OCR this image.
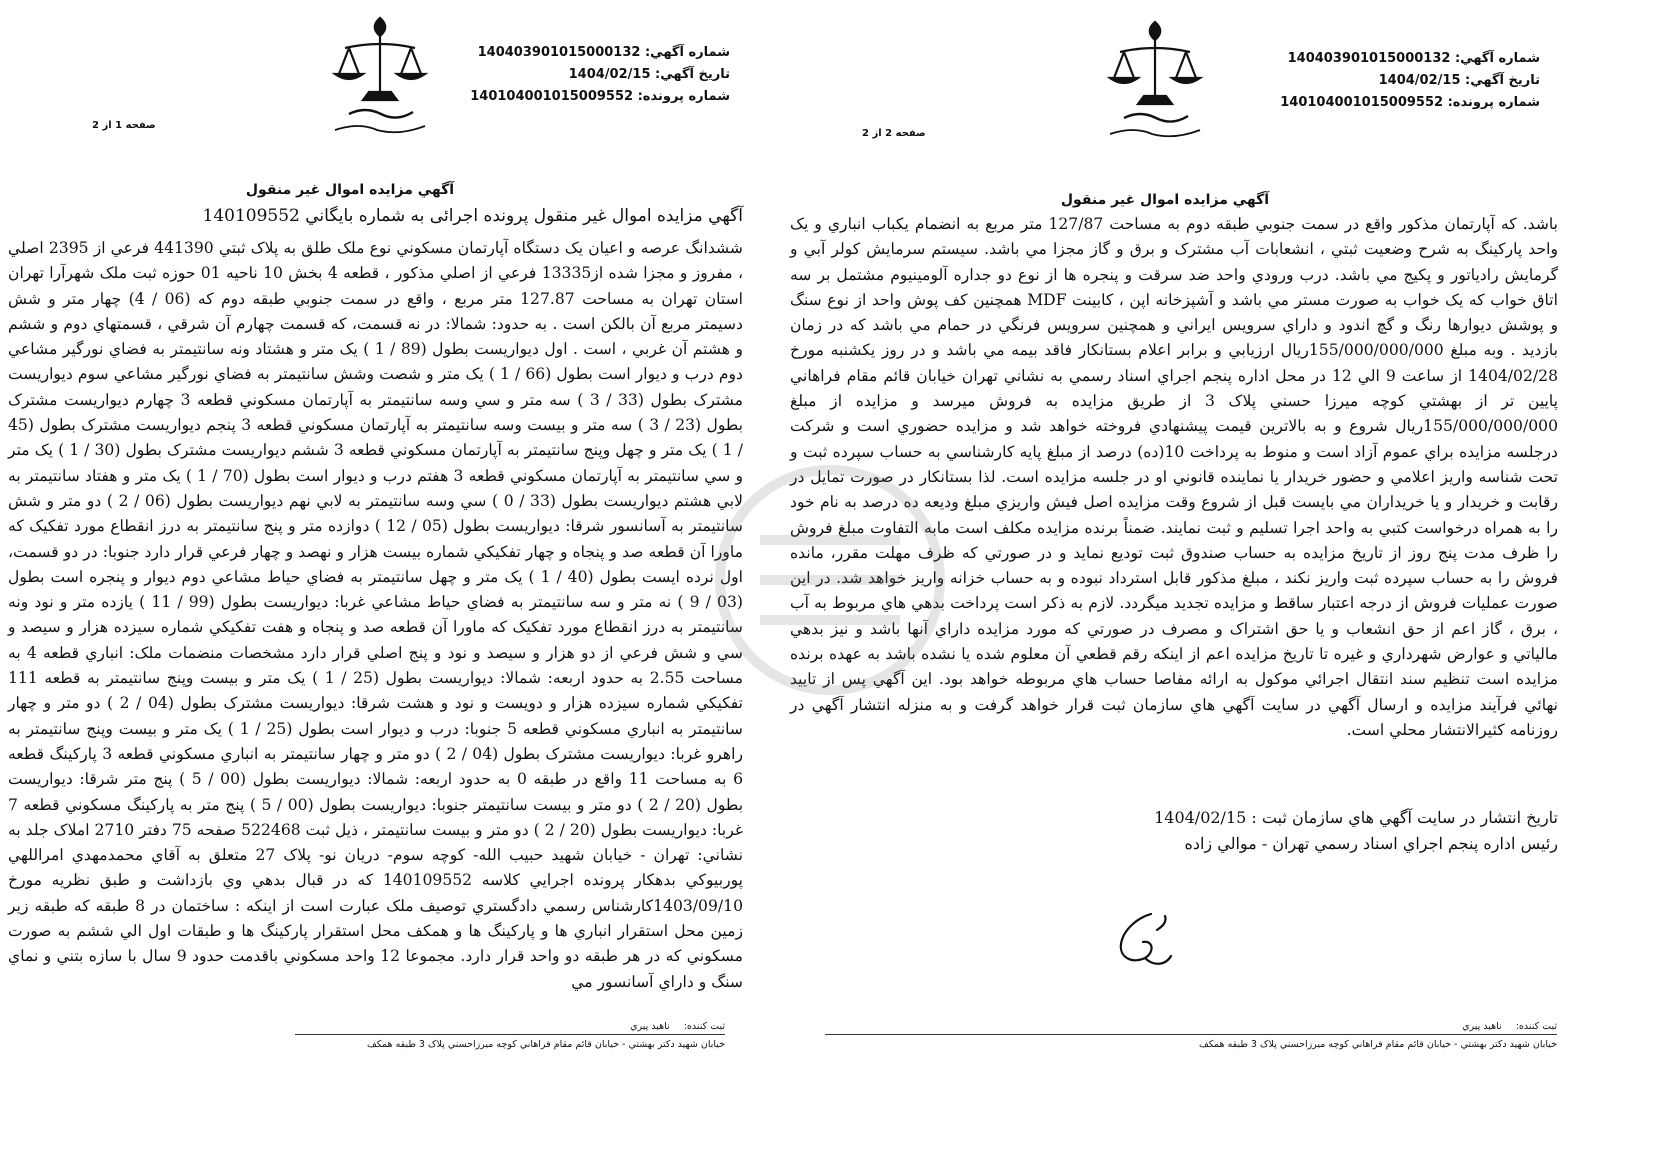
شماره آگهي: 140403901015000132
تاريخ آگهي: 1404/02/15
شماره پرونده: 140104001015009552
صفحه 1 از 2
آگهي مزايده اموال غير منقول
آگهي مزايده اموال غير منقول پرونده اجرائی به شماره بايگاني 140109552

ششدانگ عرصه و اعيان يک دستگاه آپارتمان مسکوني نوع ملک طلق به پلاک ثبتي 441390 فرعي از 2395 اصلي ، مفروز و مجزا شده از13335 فرعي از اصلي مذکور ، قطعه 4 بخش 10 ناحيه 01 حوزه ثبت ملک شهرآرا تهران استان تهران به مساحت 127.87 متر مربع ، واقع در سمت جنوبي طبقه دوم كه (06 / 4) چهار متر و شش دسيمتر مربع آن بالكن است . به حدود: شمالا: در نه قسمت، كه قسمت چهارم آن شرقي ، قسمتهاي دوم و ششم و هشتم آن غربي ، است . اول ديواريست بطول (89 / 1 ) يک متر و هشتاد ونه سانتيمتر به فضاي نورگير مشاعي دوم درب و ديوار است بطول (66 / 1 ) يک متر و شصت وشش سانتيمتر به فضاي نورگير مشاعي سوم ديواريست مشترک بطول (33 / 3 ) سه متر و سي وسه سانتيمتر به آپارتمان مسکوني قطعه 3 چهارم ديواريست مشترک بطول (23 / 3 ) سه متر و بيست وسه سانتيمتر به آپارتمان مسکوني قطعه 3 پنجم ديواريست مشترک بطول (45 / 1 ) يک متر و چهل وپنج سانتيمتر به آپارتمان مسکوني قطعه 3 ششم ديواريست مشترک بطول (30 / 1 ) يک متر و سي سانتيمتر به آپارتمان مسکوني قطعه 3 هفتم درب و ديوار است بطول (70 / 1 ) يک متر و هفتاد سانتيمتر به لابي هشتم ديواريست بطول (33 / 0 ) سي وسه سانتيمتر به لابي نهم ديواريست بطول (06 / 2 ) دو متر و شش سانتيمتر به آسانسور شرقا: ديواريست بطول (05 / 12 ) دوازده متر و پنج سانتيمتر به درز انقطاع مورد تفکيک که ماورا آن قطعه صد و پنجاه و چهار تفکيکي شماره بيست هزار و نهصد و چهار فرعي قرار دارد جنوبا: در دو قسمت، اول نرده ايست بطول (40 / 1 ) يک متر و چهل سانتيمتر به فضاي حياط مشاعي دوم ديوار و پنجره است بطول (03 / 9 ) نه متر و سه سانتيمتر به فضاي حياط مشاعي غربا: ديواريست بطول (99 / 11 ) يازده متر و نود ونه سانتيمتر به درز انقطاع مورد تفکيک که ماورا آن قطعه صد و پنجاه و هفت تفکيکي شماره سيزده هزار و سيصد و سي و شش فرعي از دو هزار و سيصد و نود و پنج اصلي قرار دارد مشخصات منضمات ملک: انباري قطعه 4 به مساحت 2.55 به حدود اربعه: شمالا: ديواريست بطول (25 / 1 ) يک متر و بيست وپنج سانتيمتر به قطعه 111 تفکيکي شماره سيزده هزار و دويست و نود و هشت شرقا: ديواريست مشترک بطول (04 / 2 ) دو متر و چهار سانتيمتر به انباري مسکوني قطعه 5 جنوبا: درب و ديوار است بطول (25 / 1 ) يک متر و بيست وپنج سانتيمتر به راهرو غربا: ديواريست مشترک بطول (04 / 2 ) دو متر و چهار سانتيمتر به انباري مسکوني قطعه 3 پارکينگ قطعه 6 به مساحت 11 واقع در طبقه 0 به حدود اربعه: شمالا: ديواريست بطول (00 / 5 ) پنج متر شرقا: ديواريست بطول (20 / 2 ) دو متر و بيست سانتيمتر جنوبا: ديواريست بطول (00 / 5 ) پنج متر به پارکينگ مسکوني قطعه 7 غربا: ديواريست بطول (20 / 2 ) دو متر و بيست سانتيمتر ، ذيل ثبت 522468 صفحه 75 دفتر 2710 املاک جلد به نشاني: تهران - خيابان شهيد حبيب الله- کوچه سوم- دريان نو- پلاک 27 متعلق به آقاي محمدمهدي امراللهي پوربيوکي بدهکار پرونده اجرايي كلاسه 140109552 كه در قبال بدهي وي بازداشت و طبق نظريه مورخ 1403/09/10كارشناس رسمي دادگستري توصيف ملک عبارت است از اينكه : ساختمان در 8 طبقه كه طبقه زير زمين محل استقرار انباري ها و پاركينگ ها و همكف محل استقرار پاركينگ ها و طبقات اول الي ششم به صورت مسكوني كه در هر طبقه دو واحد قرار دارد. مجموعا 12 واحد مسكوني باقدمت حدود 9 سال با سازه بتني و نماي سنگ و داراي آسانسور مي

ثبت كننده:ناهيد پيري
خيابان شهيد دكتر بهشتي - خيابان قائم مقام فراهاني كوچه ميرزاحسني پلاک 3 طبقه همكف
شماره آگهي: 140403901015000132
تاريخ آگهي: 1404/02/15
شماره پرونده: 140104001015009552
صفحه 2 از 2
آگهي مزايده اموال غير منقول

باشد. كه آپارتمان مذكور واقع در سمت جنوبي طبقه دوم به مساحت 127/87 متر مربع به انضمام يكباب انباري و يک واحد پاركينگ به شرح وضعيت ثبتي ، انشعابات آب مشترک و برق و گاز مجزا مي باشد. سيستم سرمايش كولر آبي و گرمايش رادياتور و پكيج مي باشد. درب ورودي واحد ضد سرقت و پنجره ها از نوع دو جداره آلومينيوم مشتمل بر سه اتاق خواب كه يک خواب به صورت مستر مي باشد و آشپزخانه اپن ، كابينت MDF همچنين كف پوش واحد از نوع سنگ و پوشش ديوارها رنگ و گچ اندود و داراي سرويس ايراني و همچنين سرويس فرنگي در حمام مي باشد كه در زمان بازديد . وبه مبلغ 155/000/000/000ريال ارزيابي و برابر اعلام بستانكار فاقد بيمه مي باشد و در روز يكشنبه مورخ 1404/02/28 از ساعت 9 الي 12 در محل اداره پنجم اجراي اسناد رسمي به نشاني تهران خيابان قائم مقام فراهاني پايين تر از بهشتي كوچه ميرزا حسني پلاک 3 از طريق مزايده به فروش ميرسد و مزايده از مبلغ 155/000/000/000ريال شروع و به بالاترين قيمت پيشنهادي فروخته خواهد شد و مزايده حضوري است و شركت درجلسه مزايده براي عموم آزاد است و منوط به پرداخت 10(ده) درصد از مبلغ پايه كارشناسي به حساب سپرده ثبت و تحت شناسه واريز اعلامي و حضور خريدار يا نماينده قانوني او در جلسه مزايده است. لذا بستانكار در صورت تمايل در رقابت و خريدار و يا خريداران مي بايست قبل از شروع وقت مزايده اصل فيش واريزي مبلغ وديعه ده درصد به نام خود را به همراه درخواست كتبي به واحد اجرا تسليم و ثبت نمايند. ضمناً برنده مزايده مكلف است مابه التفاوت مبلغ فروش را ظرف مدت پنج روز از تاريخ مزايده به حساب صندوق ثبت توديع نمايد و در صورتي كه ظرف مهلت مقرر، مانده فروش را به حساب سپرده ثبت واريز نكند ، مبلغ مذكور قابل استرداد نبوده و به حساب خزانه واريز خواهد شد. در اين صورت عمليات فروش از درجه اعتبار ساقط و مزايده تجديد ميگردد. لازم به ذكر است پرداخت بدهي هاي مربوط به آب ، برق ، گاز اعم از حق انشعاب و يا حق اشتراک و مصرف در صورتي كه مورد مزايده داراي آنها باشد و نيز بدهي مالياتي و عوارض شهرداري و غيره تا تاريخ مزايده اعم از اينكه رقم قطعي آن معلوم شده يا نشده باشد به عهده برنده مزايده است تنظيم سند انتقال اجرائي موكول به ارائه مفاصا حساب هاي مربوطه خواهد بود. اين آگهي پس از تاييد نهائي فرآيند مزايده و ارسال آگهي در سايت آگهي هاي سازمان ثبت قرار خواهد گرفت و به منزله انتشار آگهي در روزنامه كثيرالانتشار محلي است.

تاريخ انتشار در سايت آگهي هاي سازمان ثبت : 1404/02/15
رئيس اداره پنجم اجراي اسناد رسمي تهران - موالي زاده
ثبت كننده:ناهيد پيري
خيابان شهيد دكتر بهشتي - خيابان قائم مقام فراهاني كوچه ميرزاحسني پلاک 3 طبقه همكف
